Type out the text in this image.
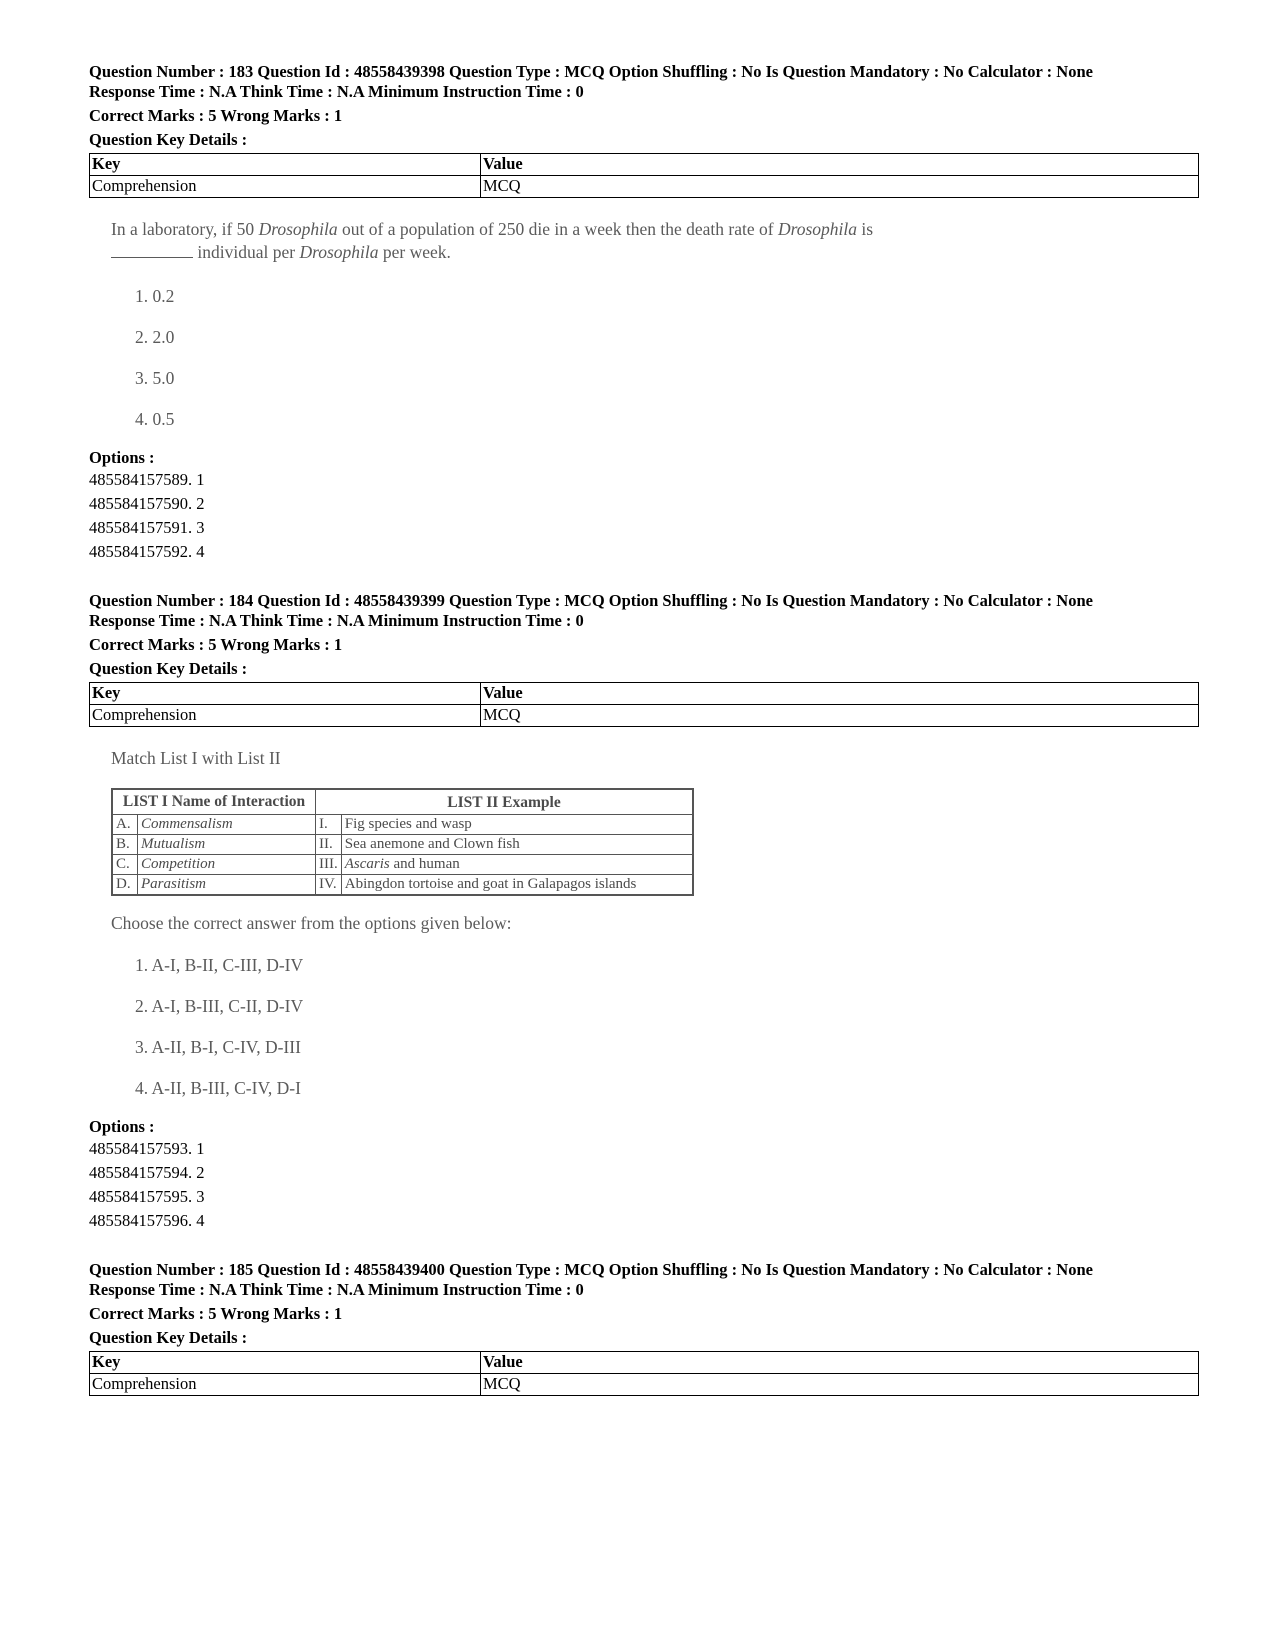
Question Number : 183 Question Id : 48558439398 Question Type : MCQ Option Shuffling : No Is Question Mandatory : No Calculator : None
Response Time : N.A Think Time : N.A Minimum Instruction Time : 0
Correct Marks : 5 Wrong Marks : 1
Question Key Details :
Key	Value
Comprehension	MCQ
In a laboratory, if 50 Drosophila out of a population of 250 die in a week then the death rate of Drosophila is
individual per Drosophila per week.
1. 0.2
2. 2.0
3. 5.0
4. 0.5
Options :
485584157589. 1
485584157590. 2
485584157591. 3
485584157592. 4
Question Number : 184 Question Id : 48558439399 Question Type : MCQ Option Shuffling : No Is Question Mandatory : No Calculator : None
Response Time : N.A Think Time : N.A Minimum Instruction Time : 0
Correct Marks : 5 Wrong Marks : 1
Question Key Details :
Key	Value
Comprehension	MCQ
Match List I with List II
LIST I Name of Interaction		LIST II Example	
A.	Commensalism	I.	Fig species and wasp
B.	Mutualism	II.	Sea anemone and Clown fish
C.	Competition	III.	Ascaris and human
D.	Parasitism	IV.	Abingdon tortoise and goat in Galapagos islands
Choose the correct answer from the options given below:
1. A-I, B-II, C-III, D-IV
2. A-I, B-III, C-II, D-IV
3. A-II, B-I, C-IV, D-III
4. A-II, B-III, C-IV, D-I
Options :
485584157593. 1
485584157594. 2
485584157595. 3
485584157596. 4
Question Number : 185 Question Id : 48558439400 Question Type : MCQ Option Shuffling : No Is Question Mandatory : No Calculator : None
Response Time : N.A Think Time : N.A Minimum Instruction Time : 0
Correct Marks : 5 Wrong Marks : 1
Question Key Details :
Key	Value
Comprehension	MCQ
